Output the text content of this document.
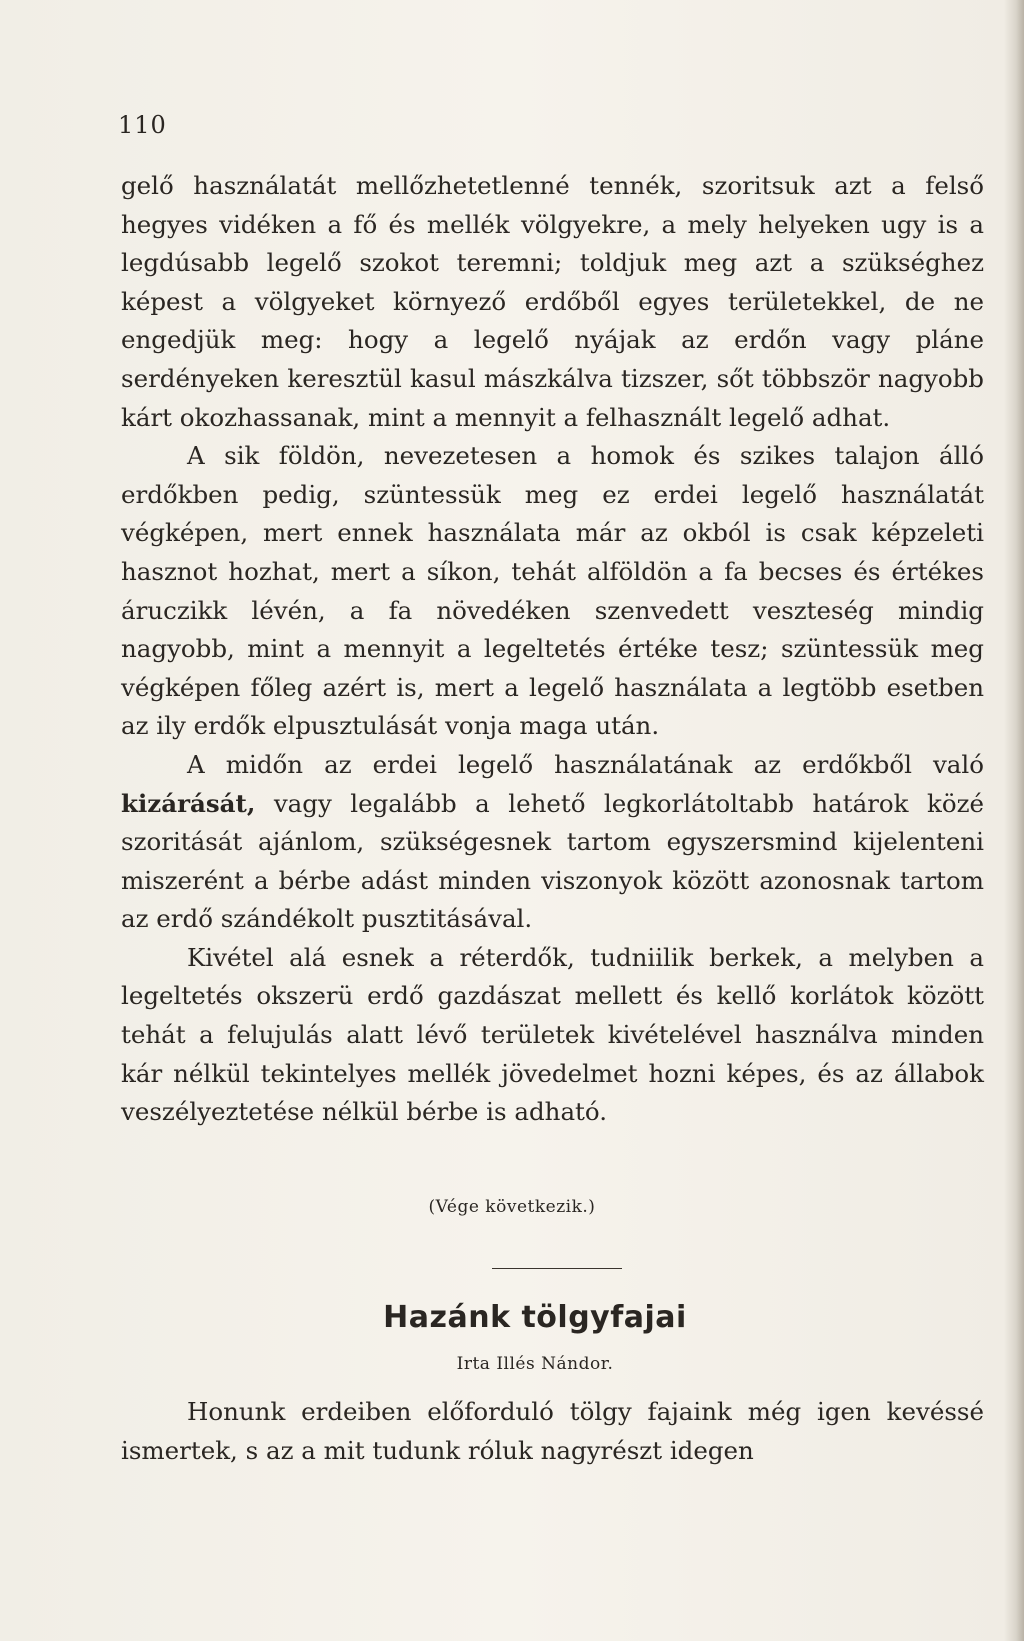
110

gelő használatát mellőzhetetlenné tennék, szoritsuk azt a felső hegyes vidéken a fő és mellék völgyekre, a mely helyeken ugy is a legdúsabb legelő szokot teremni; toldjuk meg azt a szükséghez képest a völgyeket környező erdőből egyes területekkel, de ne engedjük meg: hogy a legelő nyájak az erdőn vagy pláne serdényeken keresztül kasul mászkálva tizszer, sőt többször nagyobb kárt okozhassanak, mint a mennyit a felhasznált legelő adhat.

A sik földön, nevezetesen a homok és szikes talajon álló erdőkben pedig, szüntessük meg ez erdei legelő használatát végképen, mert ennek használata már az okból is csak képzeleti hasznot hozhat, mert a síkon, tehát alföldön a fa becses és értékes áruczikk lévén, a fa növedéken szenvedett veszteség mindig nagyobb, mint a mennyit a legeltetés értéke tesz; szüntessük meg végképen főleg azért is, mert a legelő használata a legtöbb esetben az ily erdők elpusztulását vonja maga után.

A midőn az erdei legelő használatának az erdőkből való kizárását, vagy legalább a lehető legkorlátoltabb határok közé szoritását ajánlom, szükségesnek tartom egyszersmind kijelenteni miszerént a bérbe adást minden viszonyok között azonosnak tartom az erdő szándékolt pusztitásával.

Kivétel alá esnek a réterdők, tudniilik berkek, a melyben a legeltetés okszerü erdő gazdászat mellett és kellő korlátok között tehát a felujulás alatt lévő területek kivételével használva minden kár nélkül tekintelyes mellék jövedelmet hozni képes, és az állabok veszélyeztetése nélkül bérbe is adható.

(Vége következik.)
Hazánk tölgyfajai
Irta Illés Nándor.

Honunk erdeiben előforduló tölgy fajaink még igen kevéssé ismertek, s az a mit tudunk róluk nagyrészt idegen
